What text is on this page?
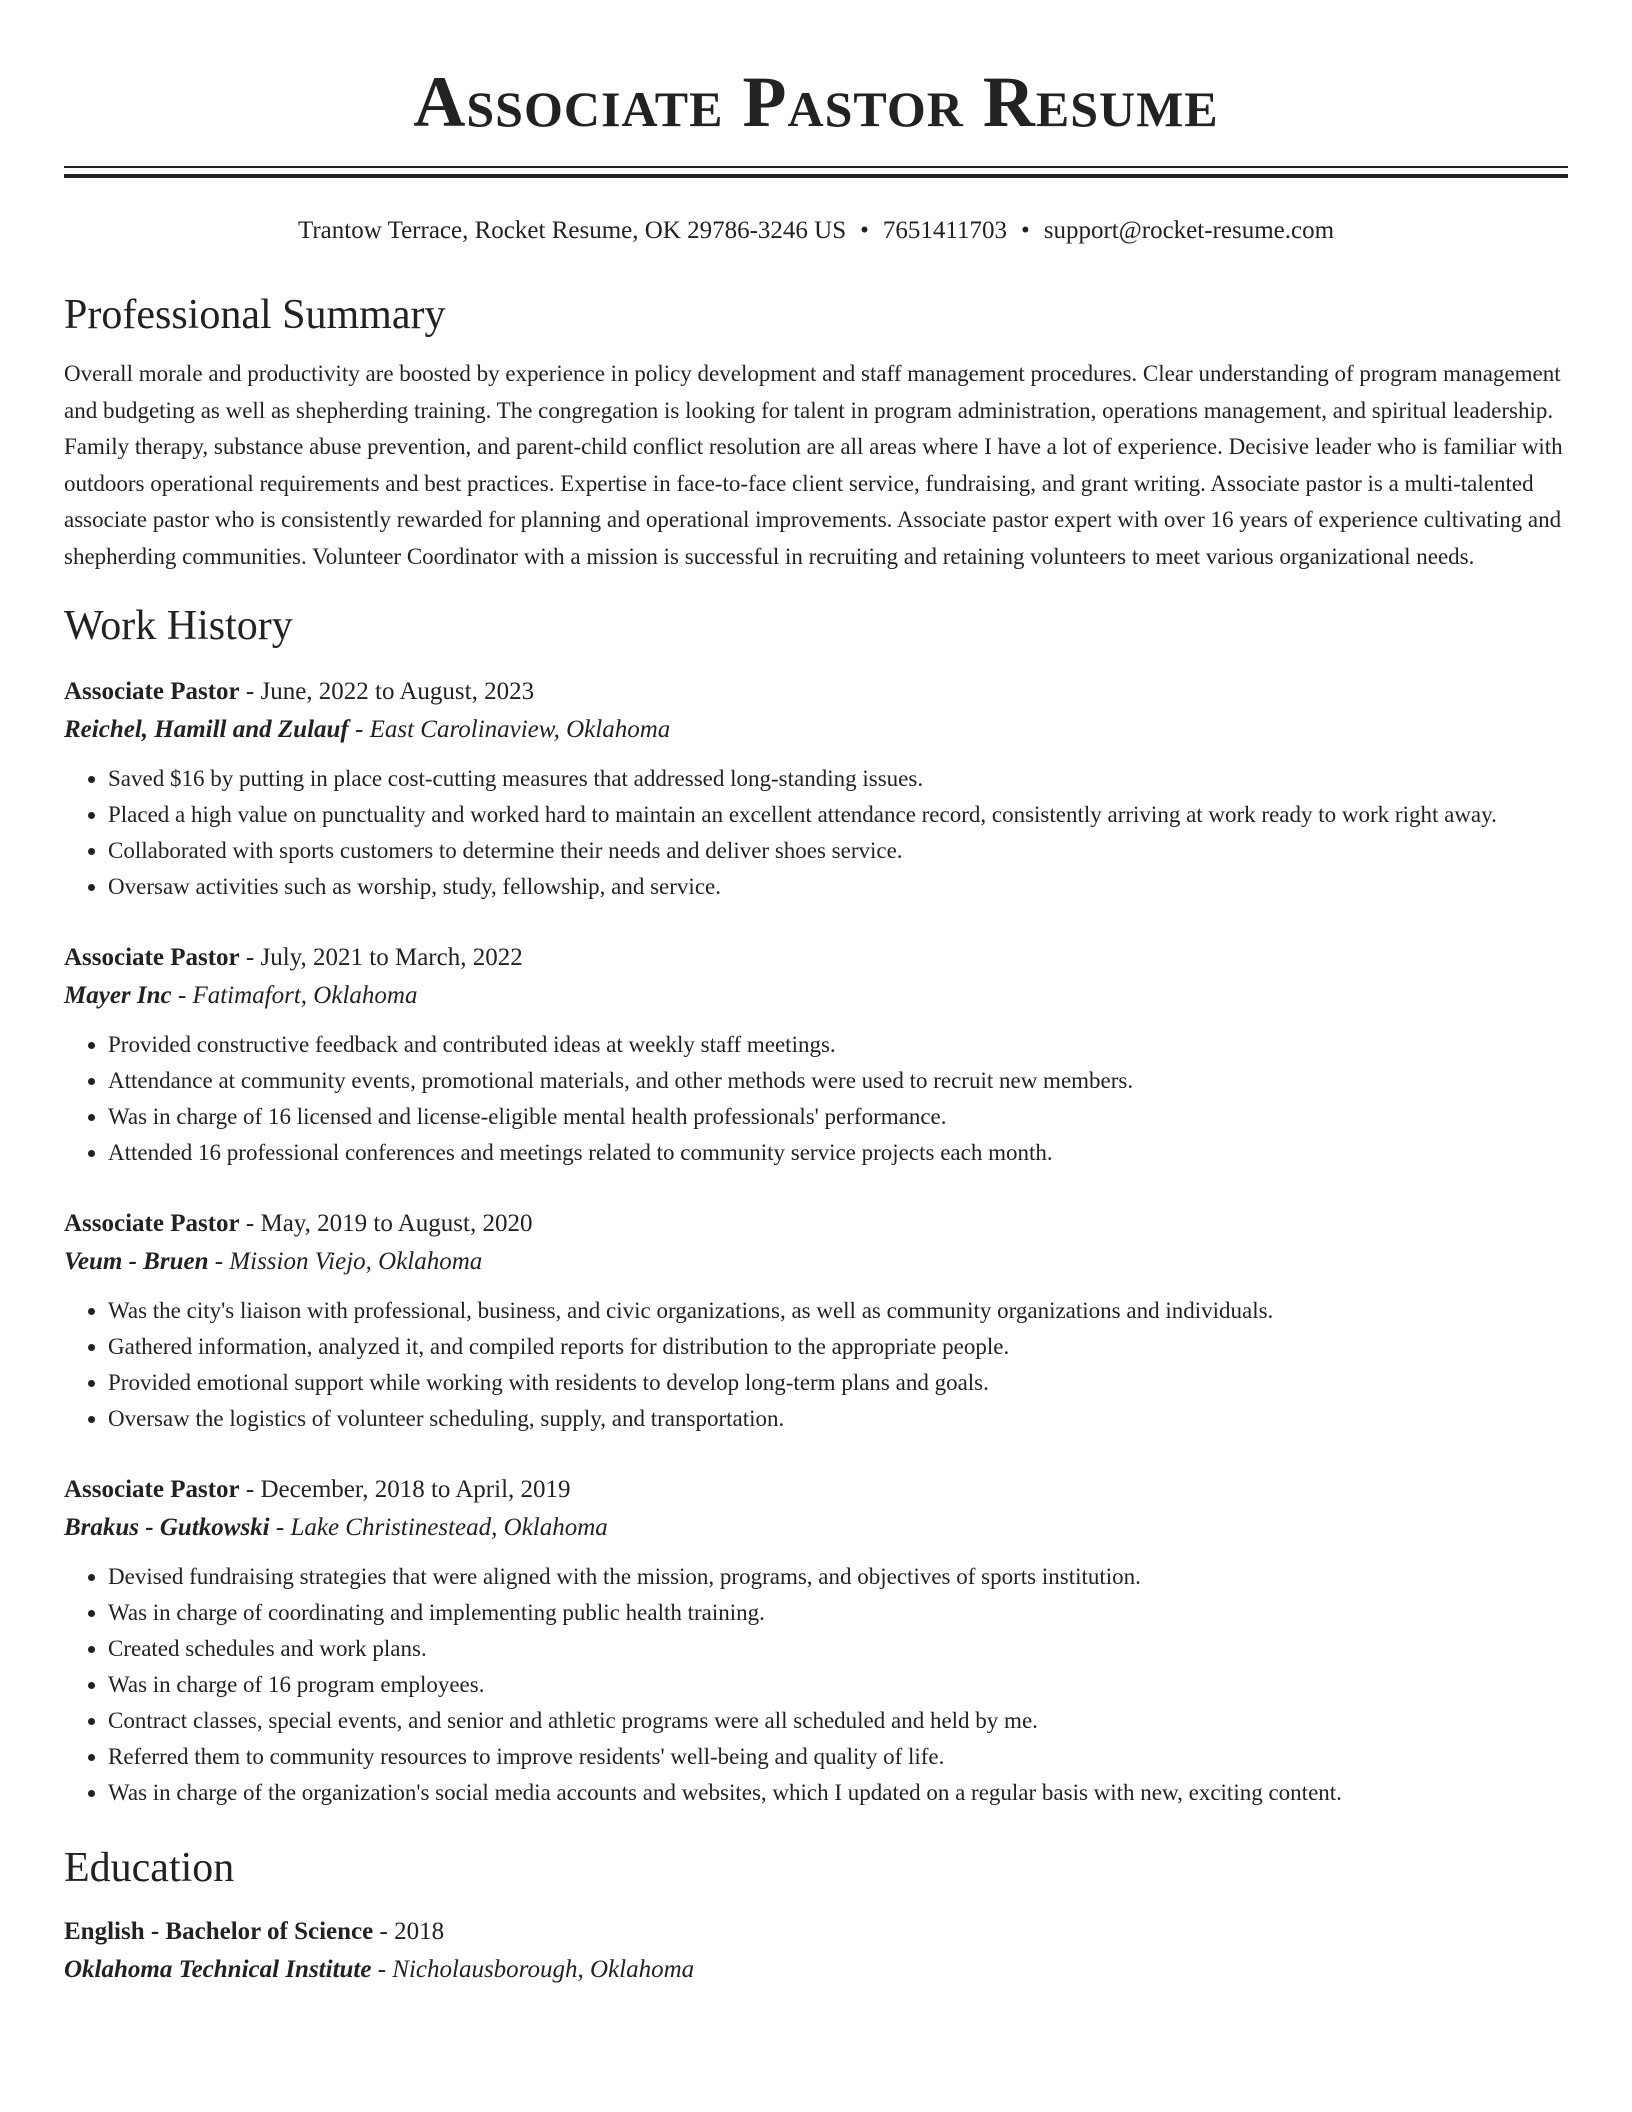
Associate Pastor Resume
Trantow Terrace, Rocket Resume, OK 29786-3246 US • 7651411703 • support@rocket-resume.com
Professional Summary

Overall morale and productivity are boosted by experience in policy development and staff management procedures. Clear understanding of program management and budgeting as well as shepherding training. The congregation is looking for talent in program administration, operations management, and spiritual leadership. Family therapy, substance abuse prevention, and parent-child conflict resolution are all areas where I have a lot of experience. Decisive leader who is familiar with outdoors operational requirements and best practices. Expertise in face-to-face client service, fundraising, and grant writing. Associate pastor is a multi-talented associate pastor who is consistently rewarded for planning and operational improvements. Associate pastor expert with over 16 years of experience cultivating and shepherding communities. Volunteer Coordinator with a mission is successful in recruiting and retaining volunteers to meet various organizational needs.

Work History
Associate Pastor - June, 2022 to August, 2023
Reichel, Hamill and Zulauf - East Carolinaview, Oklahoma
• Saved $16 by putting in place cost-cutting measures that addressed long-standing issues.
• Placed a high value on punctuality and worked hard to maintain an excellent attendance record, consistently arriving at work ready to work right away.
• Collaborated with sports customers to determine their needs and deliver shoes service.
• Oversaw activities such as worship, study, fellowship, and service.
Associate Pastor - July, 2021 to March, 2022
Mayer Inc - Fatimafort, Oklahoma
• Provided constructive feedback and contributed ideas at weekly staff meetings.
• Attendance at community events, promotional materials, and other methods were used to recruit new members.
• Was in charge of 16 licensed and license-eligible mental health professionals' performance.
• Attended 16 professional conferences and meetings related to community service projects each month.
Associate Pastor - May, 2019 to August, 2020
Veum - Bruen - Mission Viejo, Oklahoma
• Was the city's liaison with professional, business, and civic organizations, as well as community organizations and individuals.
• Gathered information, analyzed it, and compiled reports for distribution to the appropriate people.
• Provided emotional support while working with residents to develop long-term plans and goals.
• Oversaw the logistics of volunteer scheduling, supply, and transportation.
Associate Pastor - December, 2018 to April, 2019
Brakus - Gutkowski - Lake Christinestead, Oklahoma
• Devised fundraising strategies that were aligned with the mission, programs, and objectives of sports institution.
• Was in charge of coordinating and implementing public health training.
• Created schedules and work plans.
• Was in charge of 16 program employees.
• Contract classes, special events, and senior and athletic programs were all scheduled and held by me.
• Referred them to community resources to improve residents' well-being and quality of life.
• Was in charge of the organization's social media accounts and websites, which I updated on a regular basis with new, exciting content.
Education
English - Bachelor of Science - 2018
Oklahoma Technical Institute - Nicholausborough, Oklahoma
